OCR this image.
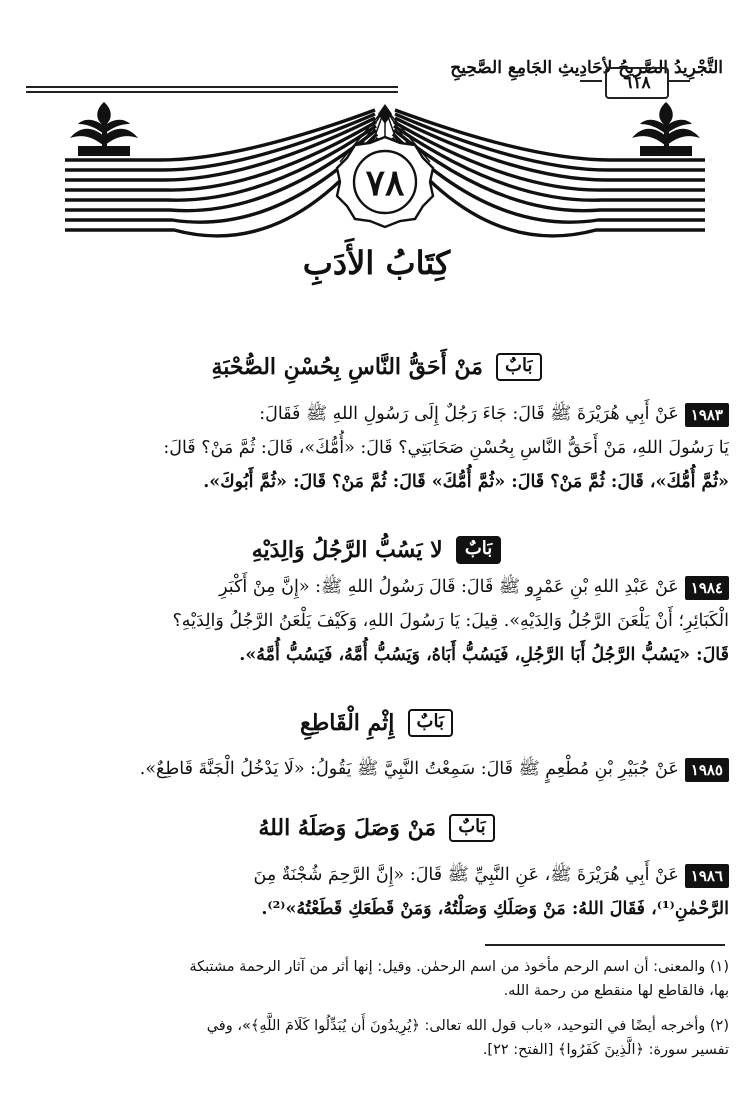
التَّجْرِيدُ الصَّرِيحُ لأحَادِيثِ الجَامِعِ الصَّحِيحِ
٦١٨
٧٨
كِتَابُ الأَدَبِ
بَابٌ مَنْ أَحَقُّ النَّاسِ بِحُسْنِ الصُّحْبَةِ
١٩٨٣عَنْ أَبِي هُرَيْرَةَ ﷺ قَالَ: جَاءَ رَجُلٌ إِلَى رَسُولِ اللهِ ﷺ فَقَالَ:
يَا رَسُولَ اللهِ، مَنْ أَحَقُّ النَّاسِ بِحُسْنِ صَحَابَتِي؟ قَالَ: «أُمُّكَ»، قَالَ: ثُمَّ مَنْ؟ قَالَ:
«ثُمَّ أُمُّكَ»، قَالَ: ثُمَّ مَنْ؟ قَالَ: «ثُمَّ أُمُّكَ» قَالَ: ثُمَّ مَنْ؟ قَالَ: «ثُمَّ أَبُوكَ».
بَابٌ لا يَسُبُّ الرَّجُلُ وَالِدَيْهِ
١٩٨٤عَنْ عَبْدِ اللهِ بْنِ عَمْرٍو ﷺ قَالَ: قَالَ رَسُولُ اللهِ ﷺ: «إِنَّ مِنْ أَكْبَرِ
الْكَبَائِرِ؛ أَنْ يَلْعَنَ الرَّجُلُ وَالِدَيْهِ». قِيلَ: يَا رَسُولَ اللهِ، وَكَيْفَ يَلْعَنُ الرَّجُلُ وَالِدَيْهِ؟
قَالَ: «يَسُبُّ الرَّجُلُ أَبَا الرَّجُلِ، فَيَسُبُّ أَبَاهُ، وَيَسُبُّ أُمَّهُ، فَيَسُبُّ أُمَّهُ».
بَابٌ إِثْمِ الْقَاطِعِ
١٩٨٥عَنْ جُبَيْرِ بْنِ مُطْعِمٍ ﷺ قَالَ: سَمِعْتُ النَّبِيَّ ﷺ يَقُولُ: «لَا يَدْخُلُ الْجَنَّةَ قَاطِعٌ».
بَابٌ مَنْ وَصَلَ وَصَلَهُ اللهُ
١٩٨٦عَنْ أَبِي هُرَيْرَةَ ﷺ، عَنِ النَّبِيِّ ﷺ قَالَ: «إِنَّ الرَّحِمَ شُجْنَةٌ مِنَ
الرَّحْمٰنِ⁽¹⁾، فَقَالَ اللهُ: مَنْ وَصَلَكِ وَصَلْتُهُ، وَمَنْ قَطَعَكِ قَطَعْتُهُ»⁽²⁾.
(١) والمعنى: أن اسم الرحم مأخوذ من اسم الرحمٰن. وقيل: إنها أثر من آثار الرحمة مشتبكة
بها، فالقاطع لها منقطع من رحمة الله.
(٢) وأخرجه أيضًا في التوحيد، «باب قول الله تعالى: ﴿يُرِيدُونَ أَن يُبَدِّلُوا كَلَامَ اللَّهِ﴾»، وفي
تفسير سورة: ﴿الَّذِينَ كَفَرُوا﴾ [الفتح: ٢٢].
